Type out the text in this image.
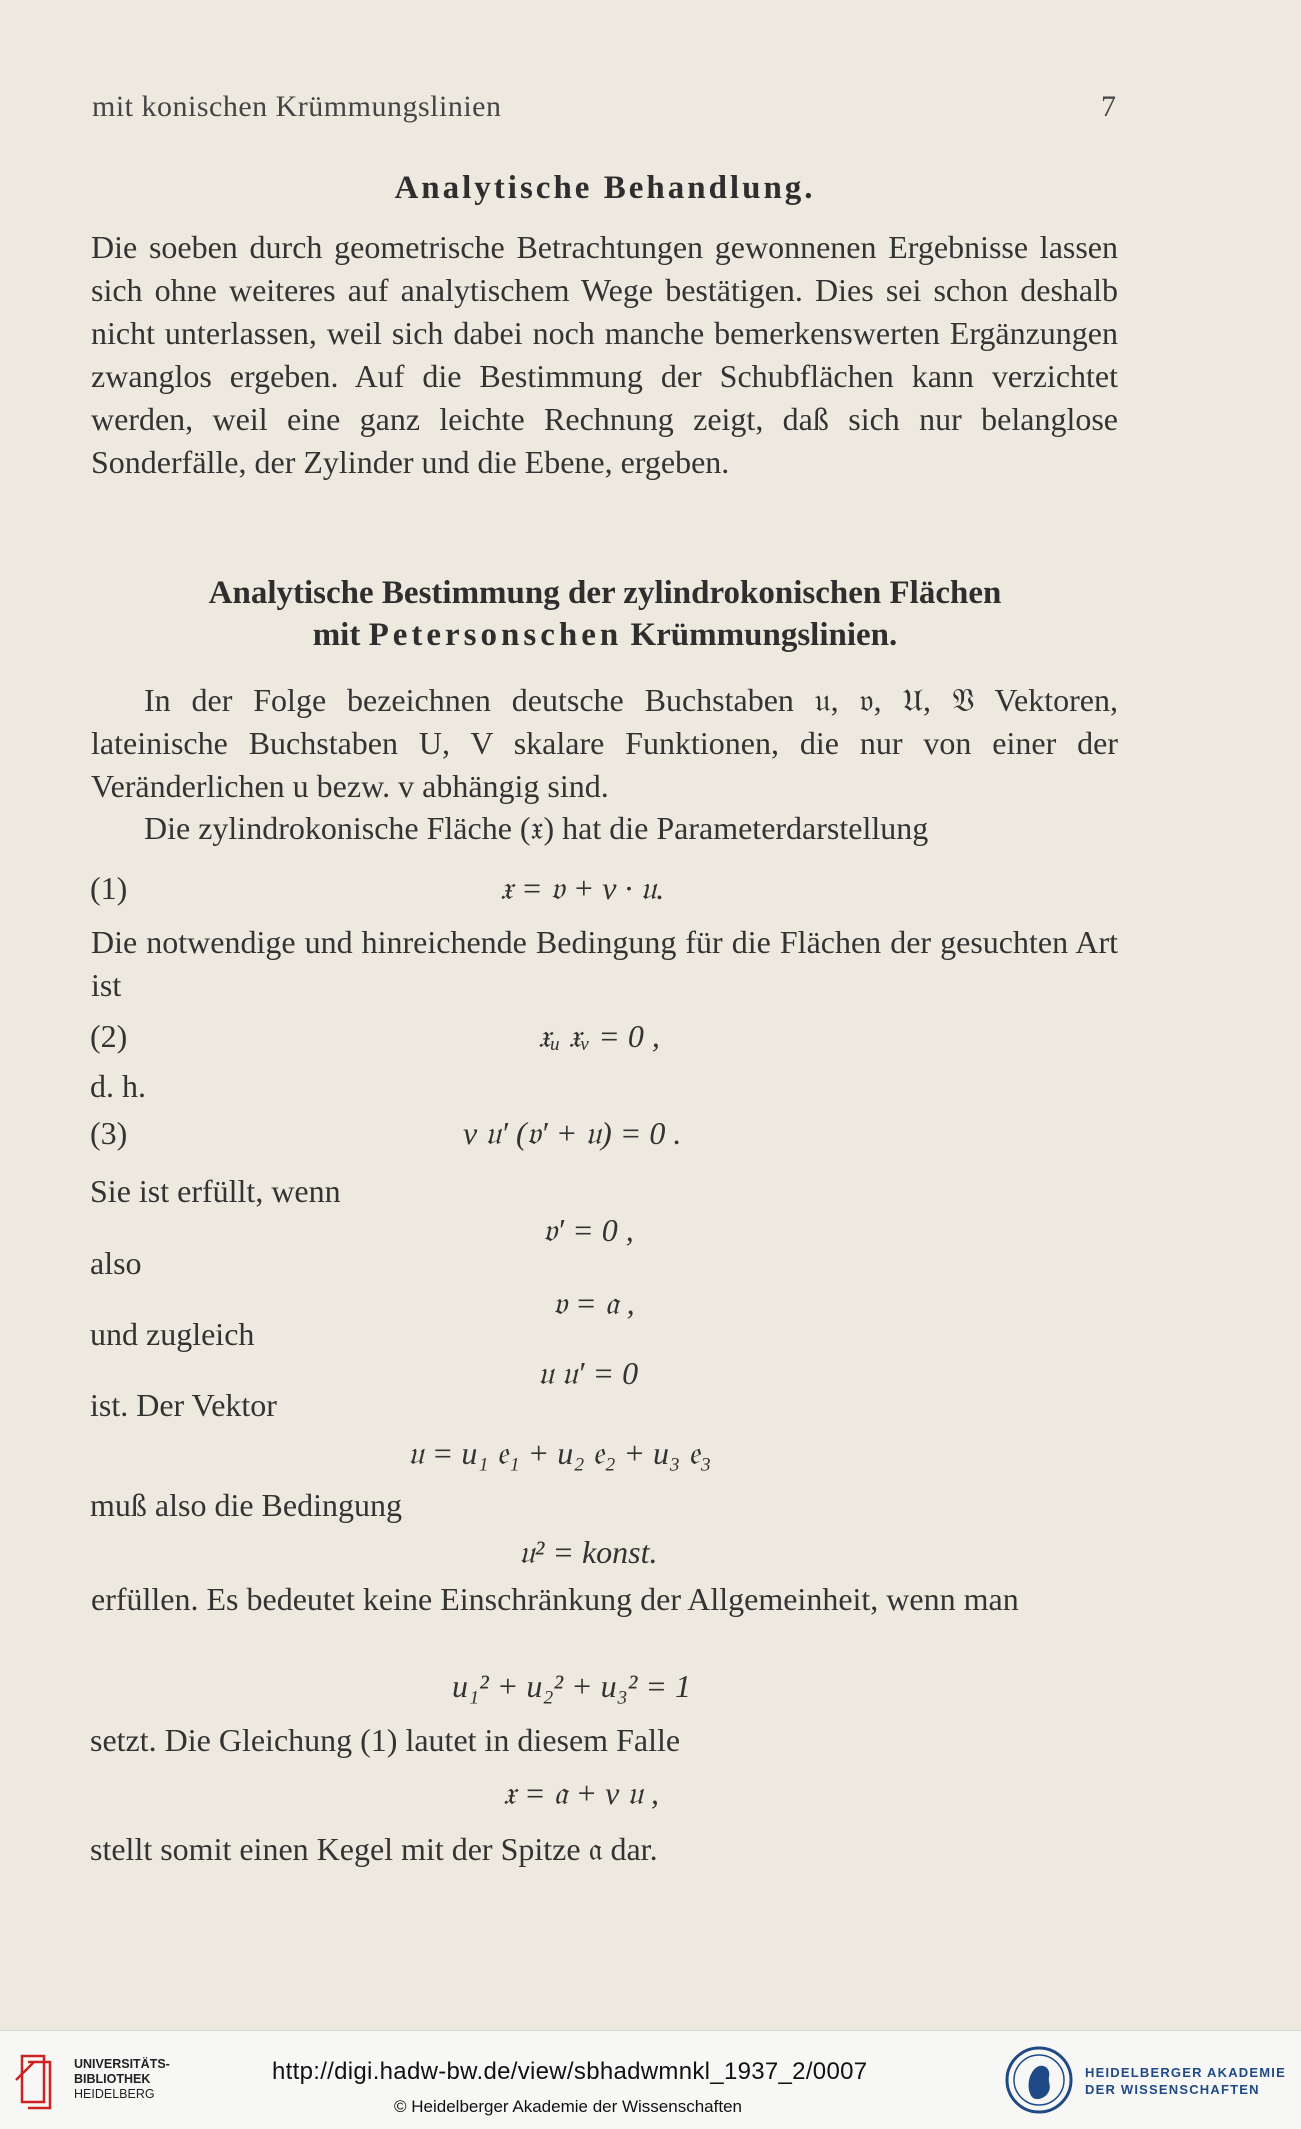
mit konischen Krümmungslinien	7
Analytische Behandlung.

Die soeben durch geometrische Betrachtungen gewonnenen Ergebnisse lassen sich ohne weiteres auf analytischem Wege bestätigen. Dies sei schon deshalb nicht unterlassen, weil sich dabei noch manche bemerkenswerten Ergänzungen zwanglos ergeben. Auf die Bestimmung der Schubflächen kann verzichtet werden, weil eine ganz leichte Rechnung zeigt, daß sich nur belanglose Sonderfälle, der Zylinder und die Ebene, ergeben.

Analytische Bestimmung der zylindrokonischen Flächen
mit Petersonschen Krümmungslinien.

In der Folge bezeichnen deutsche Buchstaben 𝔲, 𝔳, 𝔘, 𝔙 Vektoren, lateinische Buchstaben U, V skalare Funktionen, die nur von einer der Veränderlichen u bezw. v abhängig sind.

Die zylindrokonische Fläche (𝔵) hat die Parameterdarstellung

(1)	𝔵 = 𝔳 + v · 𝔲.

Die notwendige und hinreichende Bedingung für die Flächen der gesuchten Art ist

(2)	𝔵ᵤ 𝔵ᵥ = 0 ,
d. h.
(3)	v 𝔲′ (𝔳′ + 𝔲) = 0 .
Sie ist erfüllt, wenn
𝔳′ = 0 ,
also
𝔳 = 𝔞 ,
und zugleich
𝔲 𝔲′ = 0
ist. Der Vektor
𝔲 = u₁ 𝔢₁ + u₂ 𝔢₂ + u₃ 𝔢₃
muß also die Bedingung
𝔲² = konst.

erfüllen. Es bedeutet keine Einschränkung der Allgemeinheit, wenn man

u₁² + u₂² + u₃² = 1
setzt. Die Gleichung (1) lautet in diesem Falle
𝔵 = 𝔞 + v 𝔲 ,
stellt somit einen Kegel mit der Spitze 𝔞 dar.
UNIVERSITÄTS-
BIBLIOTHEK
HEIDELBERG
http://digi.hadw-bw.de/view/sbhadwmnkl_1937_2/0007
© Heidelberger Akademie der Wissenschaften
HEIDELBERGER AKADEMIE
DER WISSENSCHAFTEN
